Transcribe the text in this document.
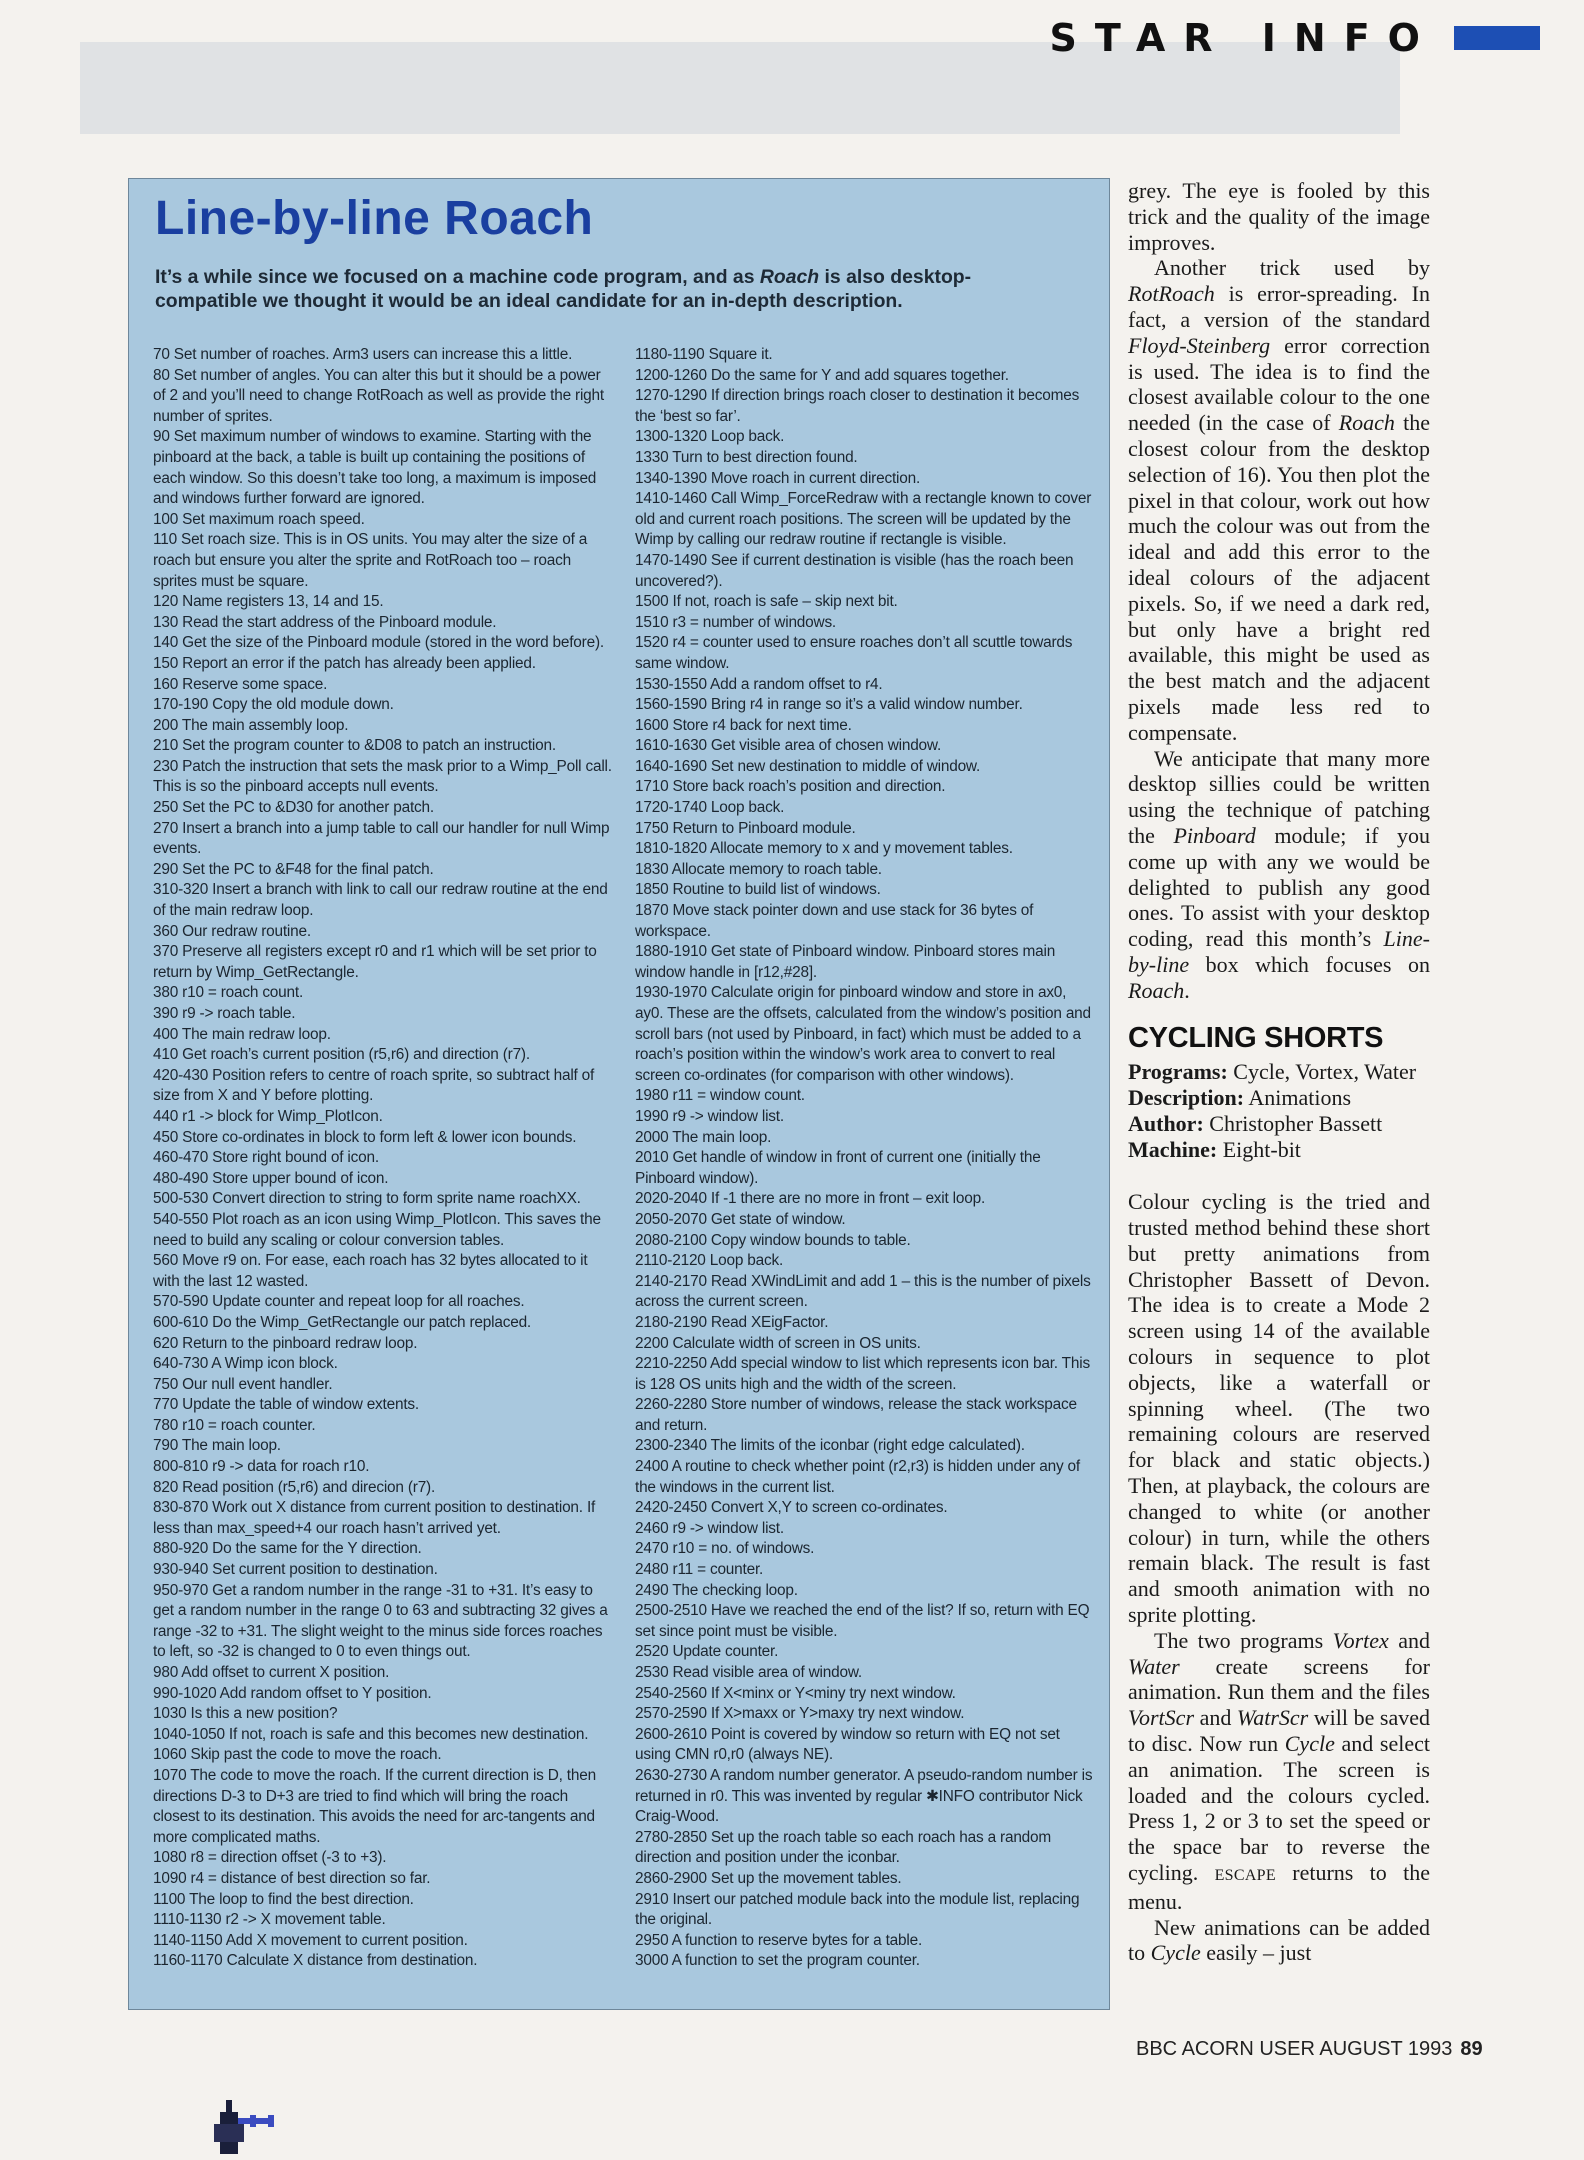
STAR INFO
Line-by-line Roach

It’s a while since we focused on a machine code program, and as Roach is also desktop-compatible we thought it would be an ideal candidate for an in-depth description.

70 Set number of roaches. Arm3 users can increase this a little.

80 Set number of angles. You can alter this but it should be a power of 2 and you’ll need to change RotRoach as well as provide the right number of sprites.

90 Set maximum number of windows to examine. Starting with the pinboard at the back, a table is built up containing the positions of each window. So this doesn’t take too long, a maximum is imposed and windows further forward are ignored.

100 Set maximum roach speed.

110 Set roach size. This is in OS units. You may alter the size of a roach but ensure you alter the sprite and RotRoach too – roach sprites must be square.

120 Name registers 13, 14 and 15.

130 Read the start address of the Pinboard module.

140 Get the size of the Pinboard module (stored in the word before).

150 Report an error if the patch has already been applied.

160 Reserve some space.

170-190 Copy the old module down.

200 The main assembly loop.

210 Set the program counter to &D08 to patch an instruction.

230 Patch the instruction that sets the mask prior to a Wimp_Poll call. This is so the pinboard accepts null events.

250 Set the PC to &D30 for another patch.

270 Insert a branch into a jump table to call our handler for null Wimp events.

290 Set the PC to &F48 for the final patch.

310-320 Insert a branch with link to call our redraw routine at the end of the main redraw loop.

360 Our redraw routine.

370 Preserve all registers except r0 and r1 which will be set prior to return by Wimp_GetRectangle.

380 r10 = roach count.

390 r9 -> roach table.

400 The main redraw loop.

410 Get roach’s current position (r5,r6) and direction (r7).

420-430 Position refers to centre of roach sprite, so subtract half of size from X and Y before plotting.

440 r1 -> block for Wimp_PlotIcon.

450 Store co-ordinates in block to form left & lower icon bounds.

460-470 Store right bound of icon.

480-490 Store upper bound of icon.

500-530 Convert direction to string to form sprite name roachXX.

540-550 Plot roach as an icon using Wimp_PlotIcon. This saves the need to build any scaling or colour conversion tables.

560 Move r9 on. For ease, each roach has 32 bytes allocated to it with the last 12 wasted.

570-590 Update counter and repeat loop for all roaches.

600-610 Do the Wimp_GetRectangle our patch replaced.

620 Return to the pinboard redraw loop.

640-730 A Wimp icon block.

750 Our null event handler.

770 Update the table of window extents.

780 r10 = roach counter.

790 The main loop.

800-810 r9 -> data for roach r10.

820 Read position (r5,r6) and direcion (r7).

830-870 Work out X distance from current position to destination. If less than max_speed+4 our roach hasn’t arrived yet.

880-920 Do the same for the Y direction.

930-940 Set current position to destination.

950-970 Get a random number in the range -31 to +31. It’s easy to get a random number in the range 0 to 63 and subtracting 32 gives a range -32 to +31. The slight weight to the minus side forces roaches to left, so -32 is changed to 0 to even things out.

980 Add offset to current X position.

990-1020 Add random offset to Y position.

1030 Is this a new position?

1040-1050 If not, roach is safe and this becomes new destination.

1060 Skip past the code to move the roach.

1070 The code to move the roach. If the current direction is D, then directions D-3 to D+3 are tried to find which will bring the roach closest to its destination. This avoids the need for arc-tangents and more complicated maths.

1080 r8 = direction offset (-3 to +3).

1090 r4 = distance of best direction so far.

1100 The loop to find the best direction.

1110-1130 r2 -> X movement table.

1140-1150 Add X movement to current position.

1160-1170 Calculate X distance from destination.

1180-1190 Square it.

1200-1260 Do the same for Y and add squares together.

1270-1290 If direction brings roach closer to destination it becomes the ‘best so far’.

1300-1320 Loop back.

1330 Turn to best direction found.

1340-1390 Move roach in current direction.

1410-1460 Call Wimp_ForceRedraw with a rectangle known to cover old and current roach positions. The screen will be updated by the Wimp by calling our redraw routine if rectangle is visible.

1470-1490 See if current destination is visible (has the roach been uncovered?).

1500 If not, roach is safe – skip next bit.

1510 r3 = number of windows.

1520 r4 = counter used to ensure roaches don’t all scuttle towards same window.

1530-1550 Add a random offset to r4.

1560-1590 Bring r4 in range so it’s a valid window number.

1600 Store r4 back for next time.

1610-1630 Get visible area of chosen window.

1640-1690 Set new destination to middle of window.

1710 Store back roach’s position and direction.

1720-1740 Loop back.

1750 Return to Pinboard module.

1810-1820 Allocate memory to x and y movement tables.

1830 Allocate memory to roach table.

1850 Routine to build list of windows.

1870 Move stack pointer down and use stack for 36 bytes of workspace.

1880-1910 Get state of Pinboard window. Pinboard stores main window handle in [r12,#28].

1930-1970 Calculate origin for pinboard window and store in ax0, ay0. These are the offsets, calculated from the window’s position and scroll bars (not used by Pinboard, in fact) which must be added to a roach’s position within the window’s work area to convert to real screen co-ordinates (for comparison with other windows).

1980 r11 = window count.

1990 r9 -> window list.

2000 The main loop.

2010 Get handle of window in front of current one (initially the Pinboard window).

2020-2040 If -1 there are no more in front – exit loop.

2050-2070 Get state of window.

2080-2100 Copy window bounds to table.

2110-2120 Loop back.

2140-2170 Read XWindLimit and add 1 – this is the number of pixels across the current screen.

2180-2190 Read XEigFactor.

2200 Calculate width of screen in OS units.

2210-2250 Add special window to list which represents icon bar. This is 128 OS units high and the width of the screen.

2260-2280 Store number of windows, release the stack workspace and return.

2300-2340 The limits of the iconbar (right edge calculated).

2400 A routine to check whether point (r2,r3) is hidden under any of the windows in the current list.

2420-2450 Convert X,Y to screen co-ordinates.

2460 r9 -> window list.

2470 r10 = no. of windows.

2480 r11 = counter.

2490 The checking loop.

2500-2510 Have we reached the end of the list? If so, return with EQ set since point must be visible.

2520 Update counter.

2530 Read visible area of window.

2540-2560 If X<minx or Y<miny try next window.

2570-2590 If X>maxx or Y>maxy try next window.

2600-2610 Point is covered by window so return with EQ not set using CMN r0,r0 (always NE).

2630-2730 A random number generator. A pseudo-random number is returned in r0. This was invented by regular ✱INFO contributor Nick Craig-Wood.

2780-2850 Set up the roach table so each roach has a random direction and position under the iconbar.

2860-2900 Set up the movement tables.

2910 Insert our patched module back into the module list, replacing the original.

2950 A function to reserve bytes for a table.

3000 A function to set the program counter.

grey. The eye is fooled by this trick and the quality of the image improves.

Another trick used by RotRoach is error-spreading. In fact, a version of the standard Floyd-Steinberg error correction is used. The idea is to find the closest available colour to the one needed (in the case of Roach the closest colour from the desktop selection of 16). You then plot the pixel in that colour, work out how much the colour was out from the ideal and add this error to the ideal colours of the adjacent pixels. So, if we need a dark red, but only have a bright red available, this might be used as the best match and the adjacent pixels made less red to compensate.

We anticipate that many more desktop sillies could be written using the technique of patching the Pinboard module; if you come up with any we would be delighted to publish any good ones. To assist with your desktop coding, read this month’s Line-by-line box which focuses on Roach.

CYCLING SHORTS
Programs: Cycle, Vortex, Water
Description: Animations
Author: Christopher Bassett
Machine: Eight-bit

Colour cycling is the tried and trusted method behind these short but pretty animations from Christopher Bassett of Devon. The idea is to create a Mode 2 screen using 14 of the available colours in sequence to plot objects, like a waterfall or spinning wheel. (The two remaining colours are reserved for black and static objects.) Then, at playback, the colours are changed to white (or another colour) in turn, while the others remain black. The result is fast and smooth animation with no sprite plotting.

The two programs Vortex and Water create screens for animation. Run them and the files VortScr and WatrScr will be saved to disc. Now run Cycle and select an animation. The screen is loaded and the colours cycled. Press 1, 2 or 3 to set the speed or the space bar to reverse the cycling. ESCAPE returns to the menu.

New animations can be added to Cycle easily – just

BBC ACORN USER AUGUST 1993 89
